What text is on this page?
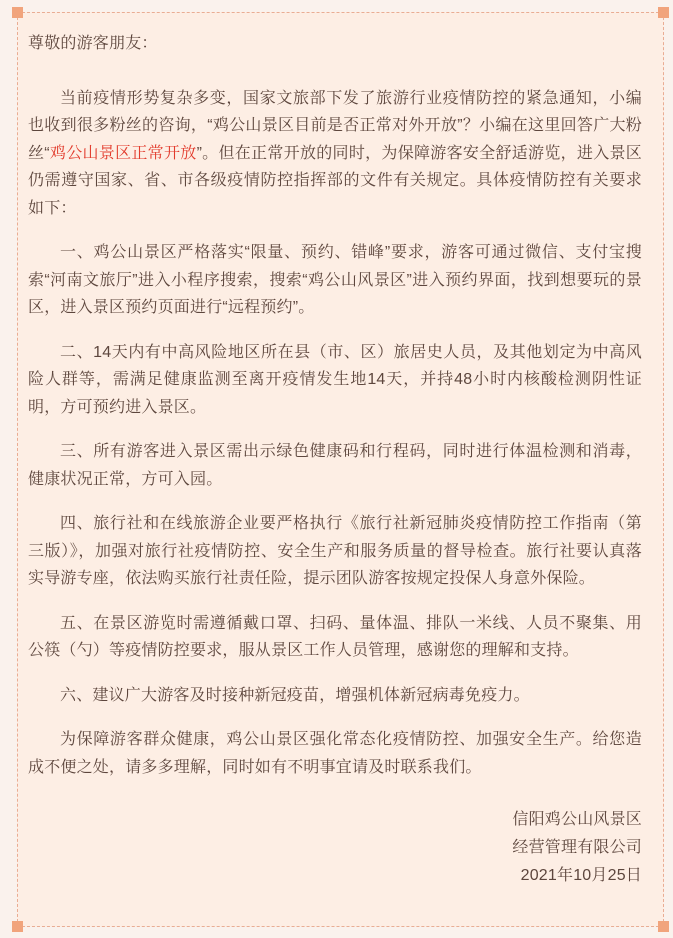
尊敬的游客朋友：

当前疫情形势复杂多变，国家文旅部下发了旅游行业疫情防控的紧急通知，小编也收到很多粉丝的咨询，“鸡公山景区目前是否正常对外开放”？小编在这里回答广大粉丝“鸡公山景区正常开放”。但在正常开放的同时，为保障游客安全舒适游览，进入景区仍需遵守国家、省、市各级疫情防控指挥部的文件有关规定。具体疫情防控有关要求如下：

一、鸡公山景区严格落实“限量、预约、错峰”要求，游客可通过微信、支付宝搜索“河南文旅厅”进入小程序搜索，搜索“鸡公山风景区”进入预约界面，找到想要玩的景区，进入景区预约页面进行“远程预约”。

二、14天内有中高风险地区所在县（市、区）旅居史人员，及其他划定为中高风险人群等，需满足健康监测至离开疫情发生地14天，并持48小时内核酸检测阴性证明，方可预约进入景区。

三、所有游客进入景区需出示绿色健康码和行程码，同时进行体温检测和消毒，健康状况正常，方可入园。

四、旅行社和在线旅游企业要严格执行《旅行社新冠肺炎疫情防控工作指南（第三版）》，加强对旅行社疫情防控、安全生产和服务质量的督导检查。旅行社要认真落实导游专座，依法购买旅行社责任险，提示团队游客按规定投保人身意外保险。

五、在景区游览时需遵循戴口罩、扫码、量体温、排队一米线、人员不聚集、用公筷（勺）等疫情防控要求，服从景区工作人员管理，感谢您的理解和支持。

六、建议广大游客及时接种新冠疫苗，增强机体新冠病毒免疫力。

为保障游客群众健康，鸡公山景区强化常态化疫情防控、加强安全生产。给您造成不便之处，请多多理解，同时如有不明事宜请及时联系我们。

信阳鸡公山风景区

经营管理有限公司

2021年10月25日
